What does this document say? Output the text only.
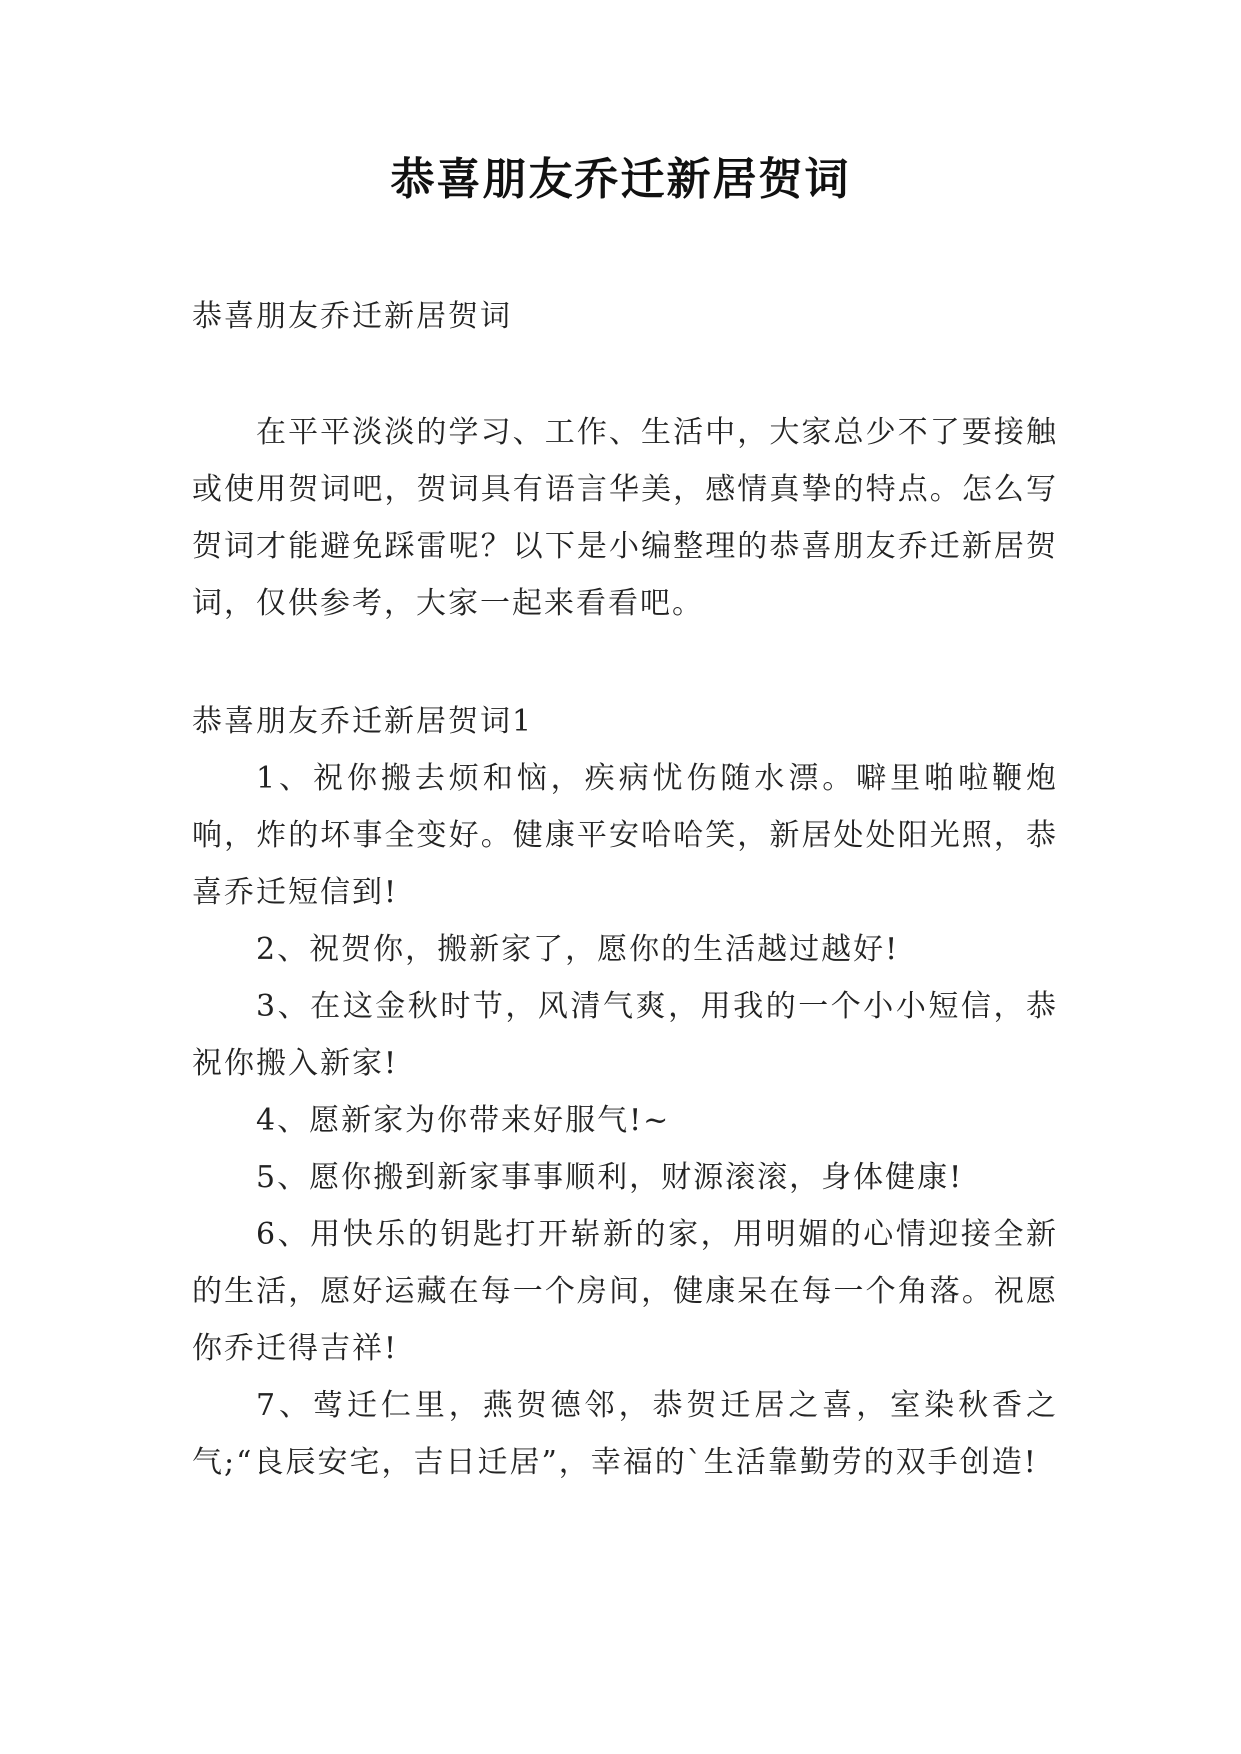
恭喜朋友乔迁新居贺词

恭喜朋友乔迁新居贺词

在平平淡淡的学习、工作、生活中，大家总少不了要接触或使用贺词吧，贺词具有语言华美，感情真挚的特点。怎么写贺词才能避免踩雷呢？以下是小编整理的恭喜朋友乔迁新居贺词，仅供参考，大家一起来看看吧。

恭喜朋友乔迁新居贺词1

1、祝你搬去烦和恼，疾病忧伤随水漂。噼里啪啦鞭炮响，炸的坏事全变好。健康平安哈哈笑，新居处处阳光照，恭喜乔迁短信到!

2、祝贺你，搬新家了，愿你的生活越过越好!

3、在这金秋时节，风清气爽，用我的一个小小短信，恭祝你搬入新家!

4、愿新家为你带来好服气!~

5、愿你搬到新家事事顺利，财源滚滚，身体健康!

6、用快乐的钥匙打开崭新的家，用明媚的心情迎接全新的生活，愿好运藏在每一个房间，健康呆在每一个角落。祝愿你乔迁得吉祥!

7、莺迁仁里，燕贺德邻，恭贺迁居之喜，室染秋香之气;“良辰安宅，吉日迁居”，幸福的`生活靠勤劳的双手创造!
